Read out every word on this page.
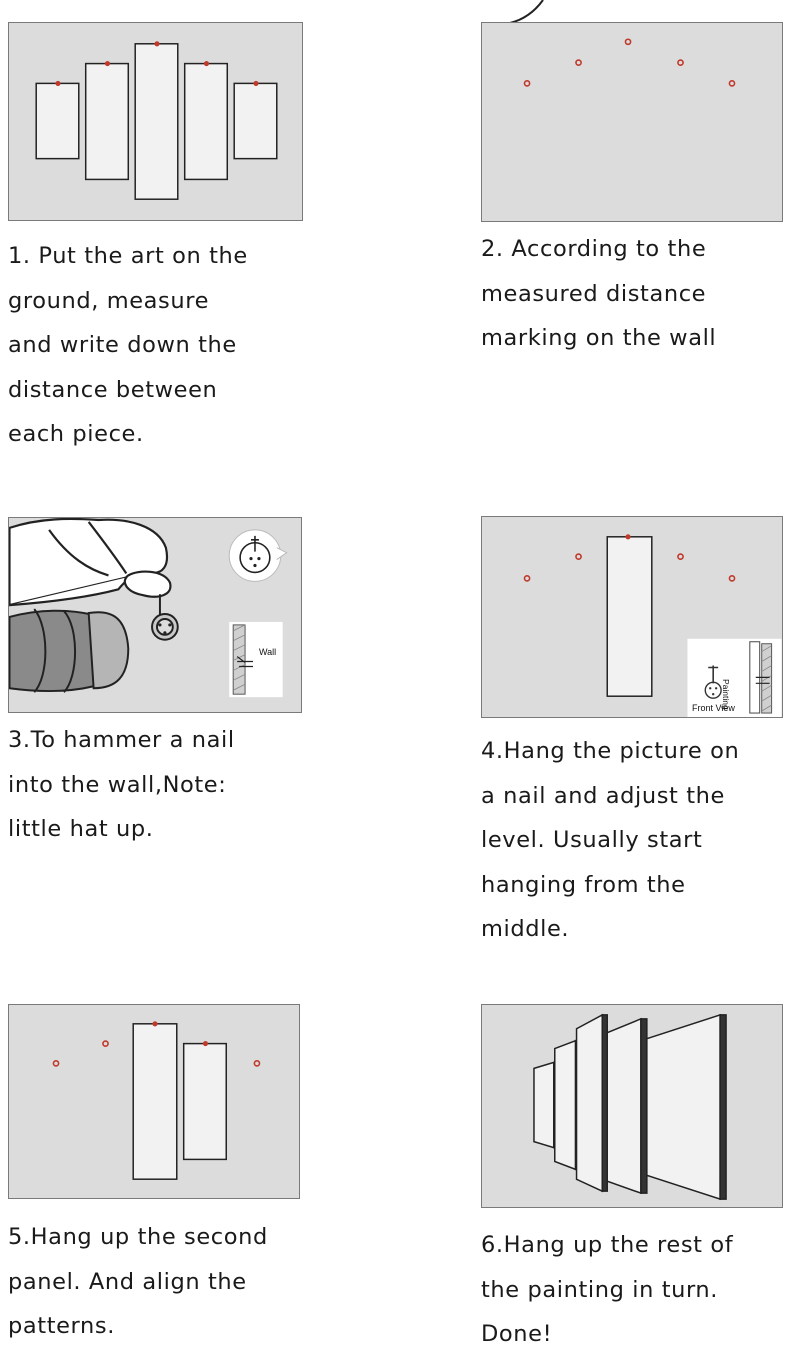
1. Put the art on the
ground, measure
and write down the
distance between
each piece.
2. According to the
measured distance
marking on the wall
Wall
3.To hammer a nail
into the wall,Note:
little hat up.
Painting
Front View
4.Hang the picture on
a nail and adjust the
level. Usually start
hanging from the
middle.
5.Hang up the second
panel. And align the
patterns.
6.Hang up the rest of
the painting in turn.
Done!
